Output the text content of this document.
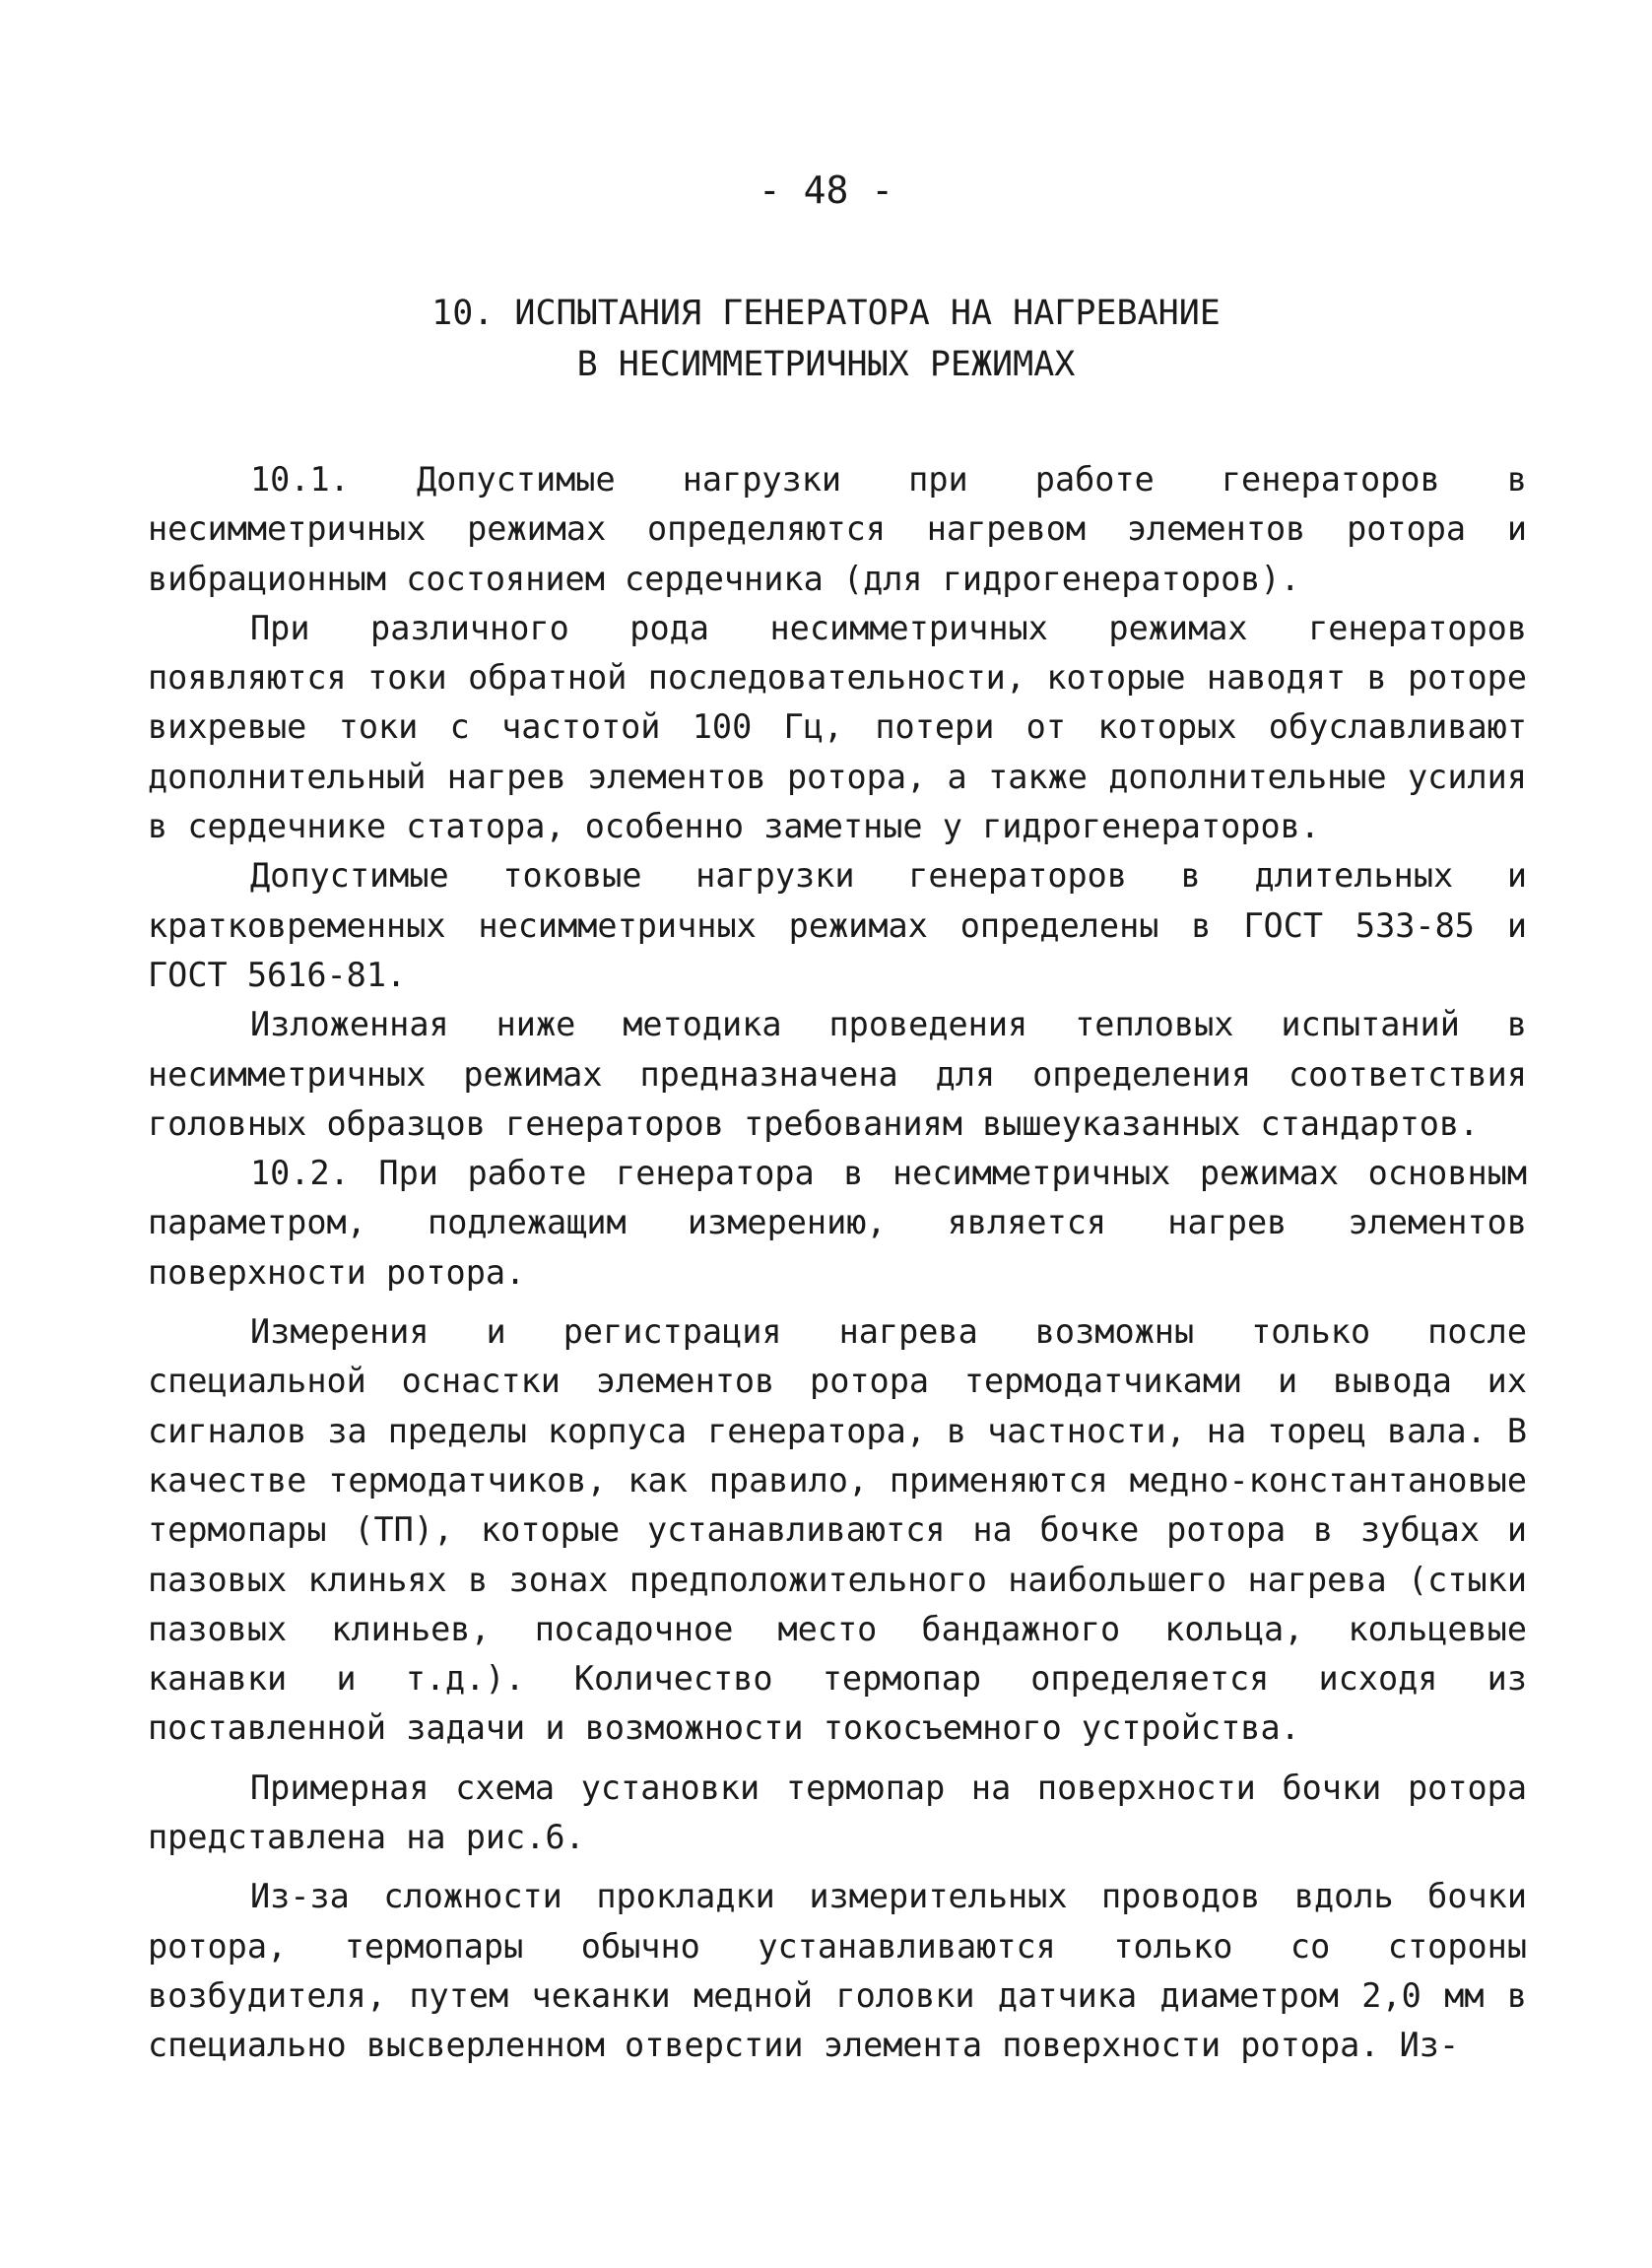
- 48 -
10. ИСПЫТАНИЯ ГЕНЕРАТОРА НА НАГРЕВАНИЕ
В НЕСИММЕТРИЧНЫХ РЕЖИМАХ

10.1. Допустимые нагрузки при работе генераторов в несимметричных режимах определяются нагревом элементов ротора и вибрационным состоянием сердечника (для гидрогенераторов).

При различного рода несимметричных режимах генераторов появляются токи обратной последовательности, которые наводят в роторе вихревые токи с частотой 100 Гц, потери от которых обуславливают дополнительный нагрев элементов ротора, а также дополнительные усилия в сердечнике статора, особенно заметные у гидрогенераторов.

Допустимые токовые нагрузки генераторов в длительных и кратковременных несимметричных режимах определены в ГОСТ 533-85 и ГОСТ 5616-81.

Изложенная ниже методика проведения тепловых испытаний в несимметричных режимах предназначена для определения соответствия головных образцов генераторов требованиям вышеуказанных стандартов.

10.2. При работе генератора в несимметричных режимах основным параметром, подлежащим измерению, является нагрев элементов поверхности ротора.

Измерения и регистрация нагрева возможны только после специальной оснастки элементов ротора термодатчиками и вывода их сигналов за пределы корпуса генератора, в частности, на торец вала. В качестве термодатчиков, как правило, применяются медно-константановые термопары (ТП), которые устанавливаются на бочке ротора в зубцах и пазовых клиньях в зонах предположительного наибольшего нагрева (стыки пазовых клиньев, посадочное место бандажного кольца, кольцевые канавки и т.д.). Количество термопар определяется исходя из поставленной задачи и возможности токосъемного устройства.

Примерная схема установки термопар на поверхности бочки ротора представлена на рис.6.

Из-за сложности прокладки измерительных проводов вдоль бочки ротора, термопары обычно устанавливаются только со стороны возбудителя, путем чеканки медной головки датчика диаметром 2,0 мм в специально высверленном отверстии элемента поверхности ротора. Из-
